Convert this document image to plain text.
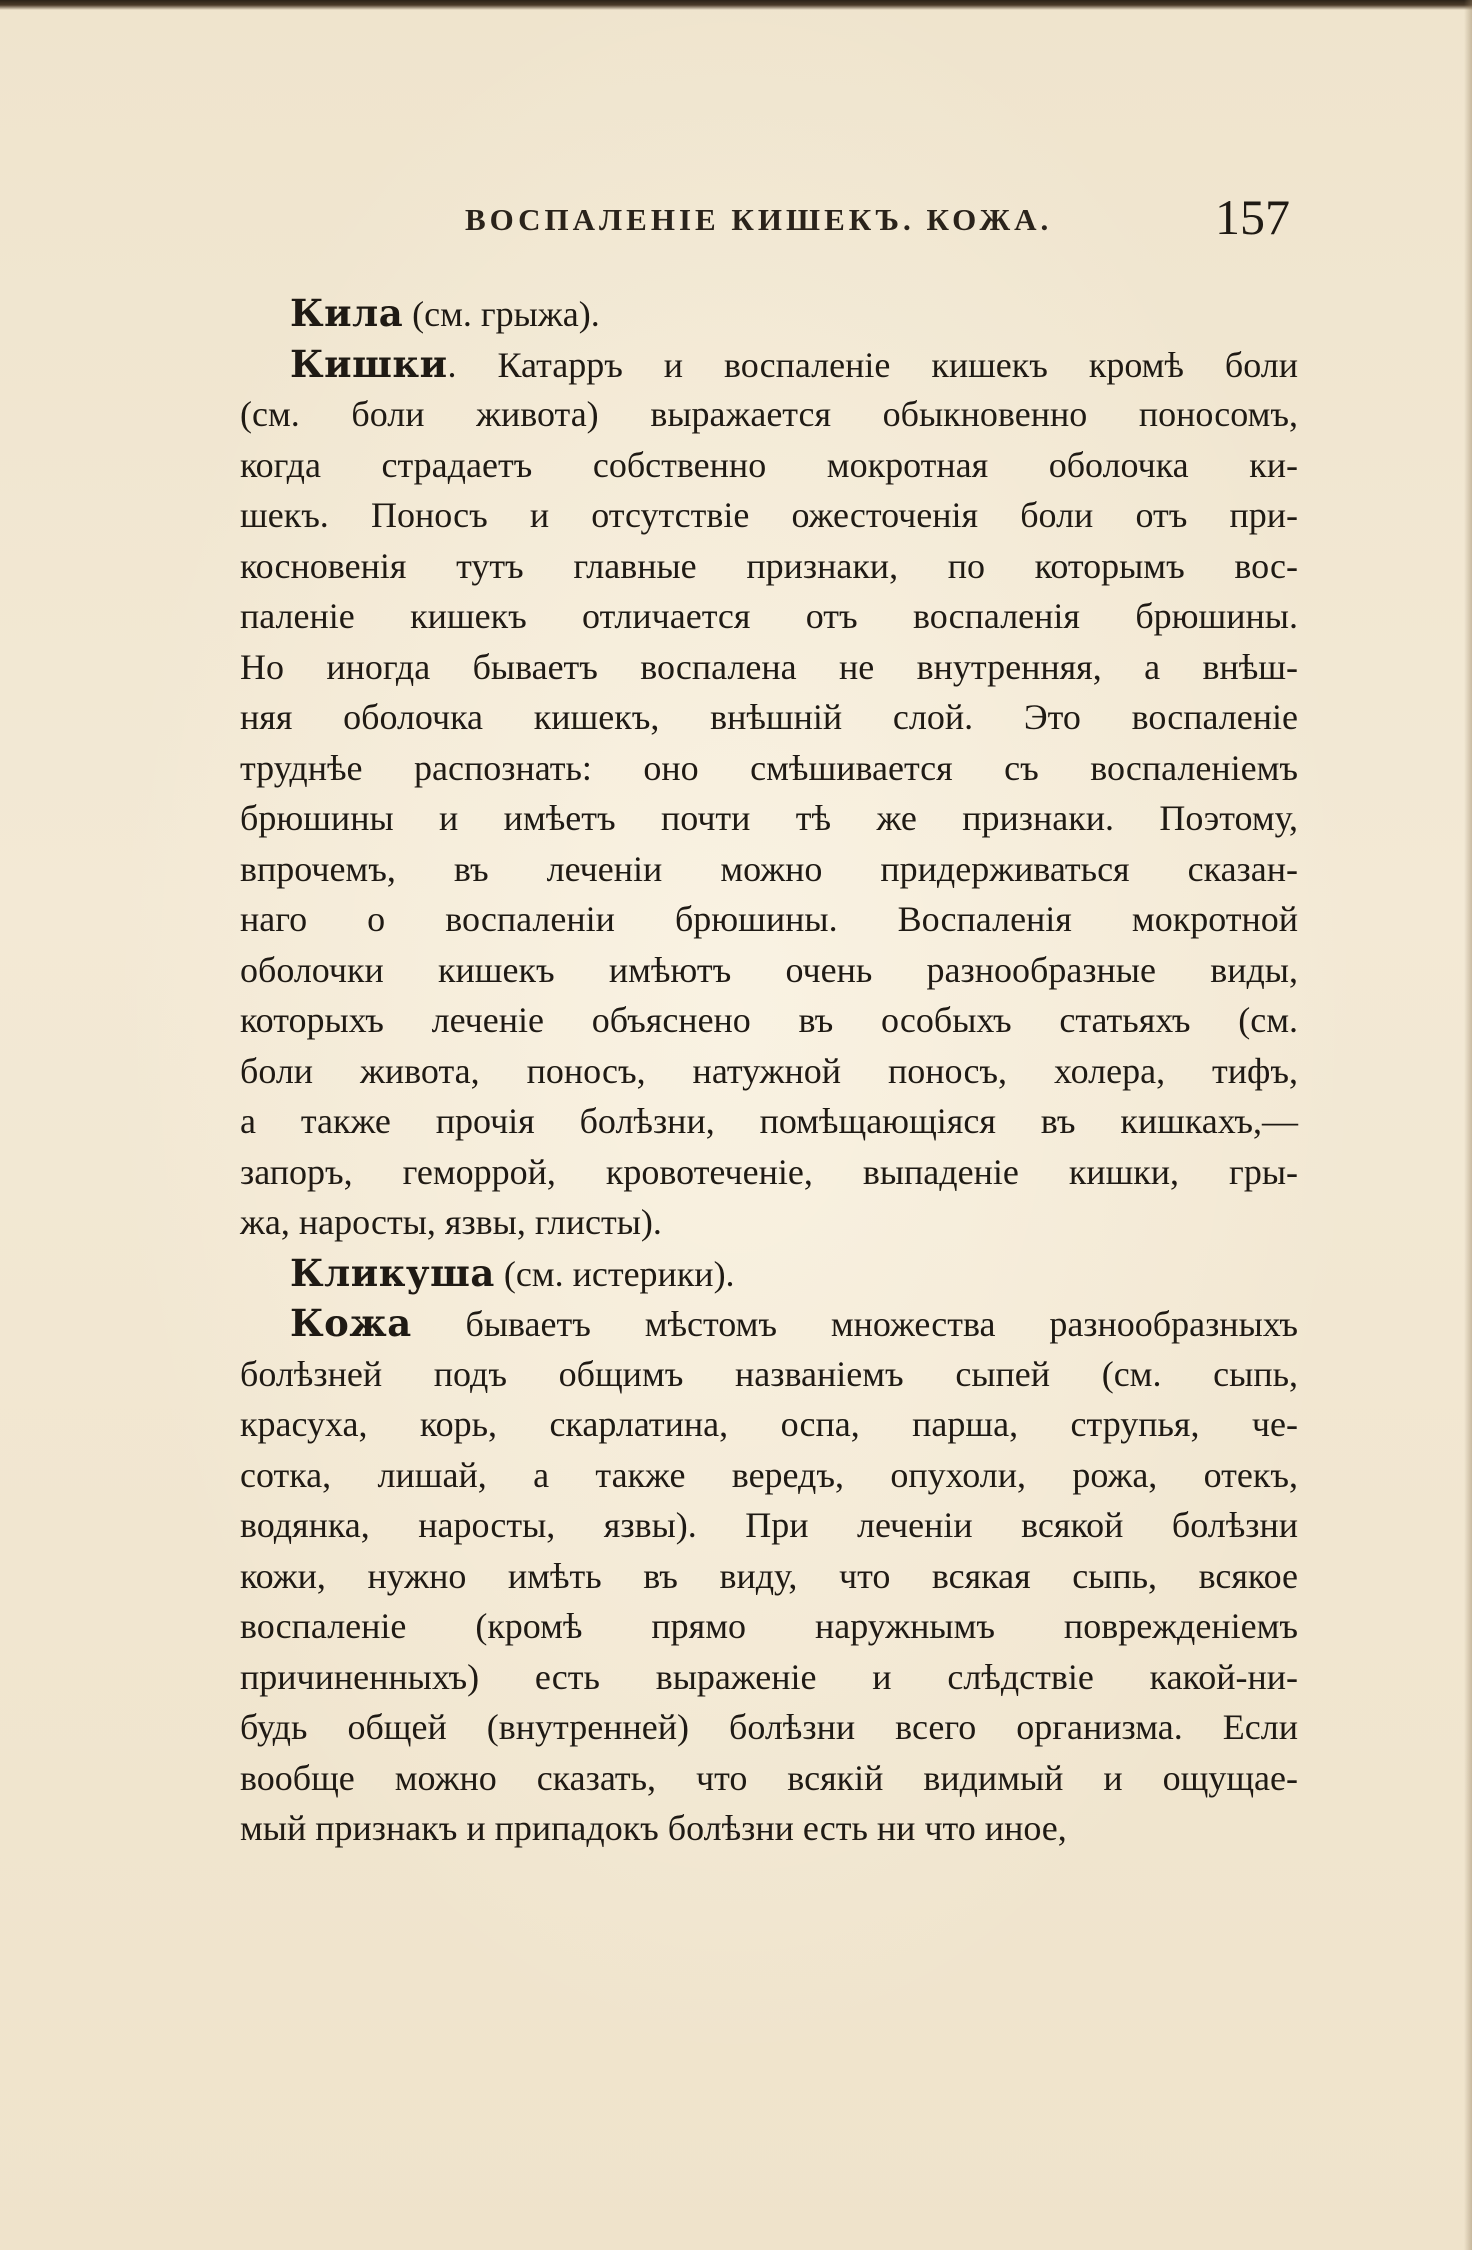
ВОСПАЛЕНІЕ КИШЕКЪ. КОЖА.	157
Кила (см. грыжа).
Кишки. Катарръ и воспаленіе кишекъ кромѣ боли
(см. боли живота) выражается обыкновенно поносомъ,
когда страдаетъ собственно мокротная оболочка ки-
шекъ. Поносъ и отсутствіе ожесточенія боли отъ при-
косновенія тутъ главные признаки, по которымъ вос-
паленіе кишекъ отличается отъ воспаленія брюшины.
Но иногда бываетъ воспалена не внутренняя, а внѣш-
няя оболочка кишекъ, внѣшній слой. Это воспаленіе
труднѣе распознать: оно смѣшивается съ воспаленіемъ
брюшины и имѣетъ почти тѣ же признаки. Поэтому,
впрочемъ, въ леченіи можно придерживаться сказан-
наго о воспаленіи брюшины. Воспаленія мокротной
оболочки кишекъ имѣютъ очень разнообразные виды,
которыхъ леченіе объяснено въ особыхъ статьяхъ (см.
боли живота, поносъ, натужной поносъ, холера, тифъ,
а также прочія болѣзни, помѣщающіяся въ кишкахъ,—
запоръ, геморрой, кровотеченіе, выпаденіе кишки, гры-
жа, наросты, язвы, глисты).
Кликуша (см. истерики).
Кожа бываетъ мѣстомъ множества разнообразныхъ
болѣзней подъ общимъ названіемъ сыпей (см. сыпь,
красуха, корь, скарлатина, оспа, парша, струпья, че-
сотка, лишай, а также вередъ, опухоли, рожа, отекъ,
водянка, наросты, язвы). При леченіи всякой болѣзни
кожи, нужно имѣть въ виду, что всякая сыпь, всякое
воспаленіе (кромѣ прямо наружнымъ поврежденіемъ
причиненныхъ) есть выраженіе и слѣдствіе какой-ни-
будь общей (внутренней) болѣзни всего организма. Если
вообще можно сказать, что всякій видимый и ощущае-
мый признакъ и припадокъ болѣзни есть ни что иное,
